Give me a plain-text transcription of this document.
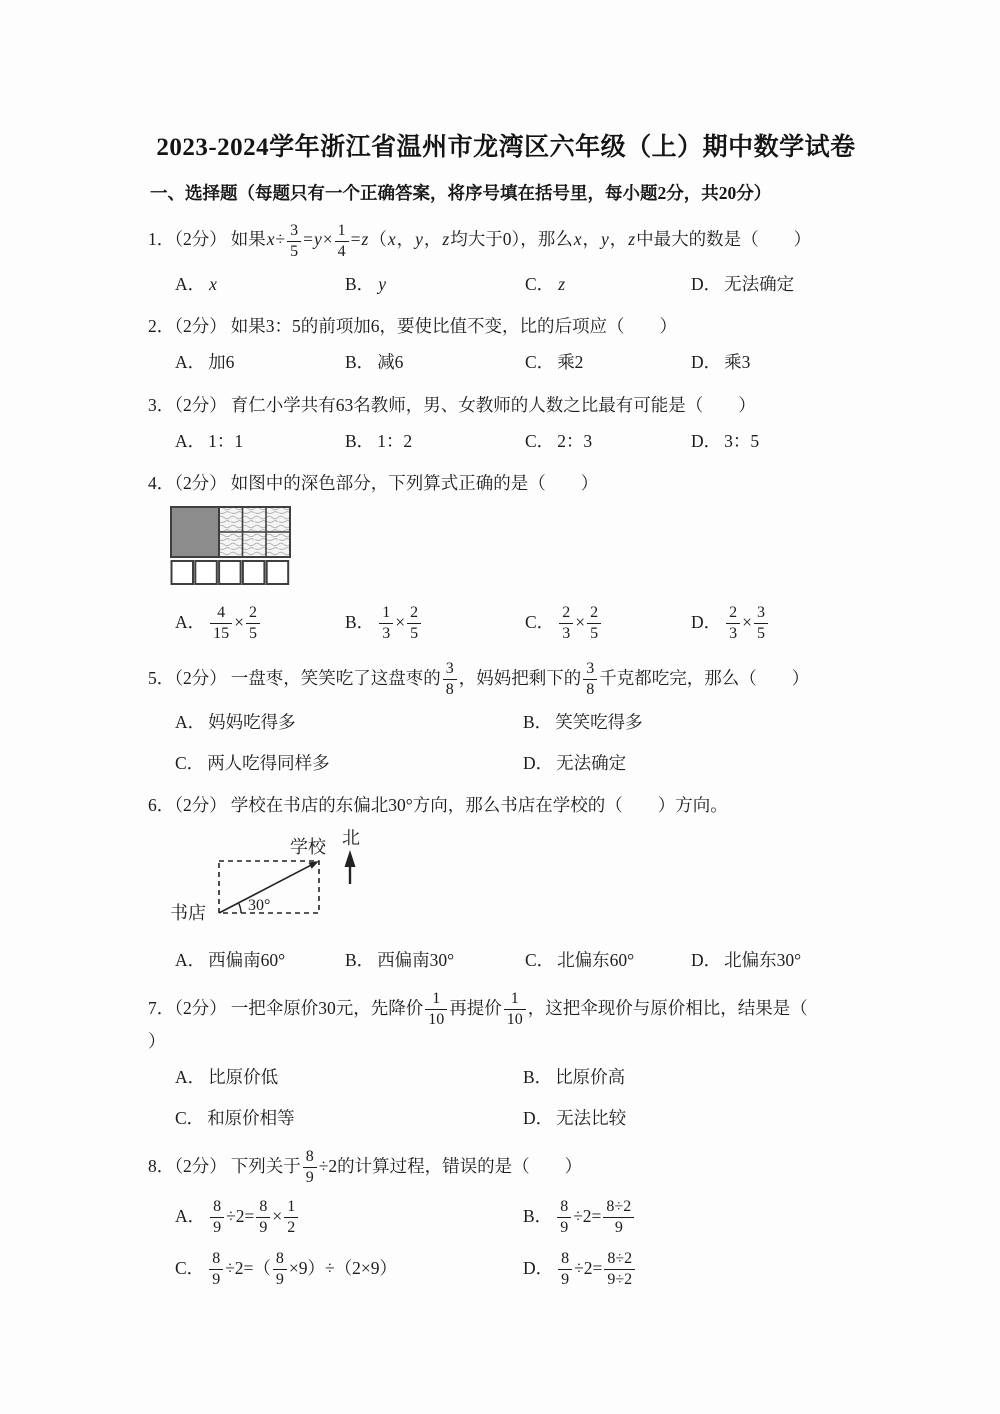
2023-2024学年浙江省温州市龙湾区六年级（上）期中数学试卷
一、选择题（每题只有一个正确答案，将序号填在括号里，每小题2分，共20分）
1．（2分） 如果$x\div \frac{3}{5} =y\times \frac{1}{4} =z(x$，y，z均大于0），那么x，y，z中最大的数是（　　）
A． x	B． y	C． z	D． 无法确定
2．（2分） 如果3：5的前项加6，要使比值不变，比的后项应（　　）
A． 加6	B． 减6	C． 乘2	D． 乘3
3．（2分） 育仁小学共有63名教师，男、女教师的人数之比最有可能是（　　）
A． 1：1	B． 1：2	C． 2：3	D． 3：5
4．（2分） 如图中的深色部分，下列算式正确的是（　　）
A． $\frac{4}{15} \times \frac{2}{5}$	B． $\frac{1}{3} \times \frac{2}{5}$	C． $\frac{2}{3} \times \frac{2}{5}$	D． $\frac{2}{3} \times \frac{3}{5}$
5．（2分） 一盘枣，笑笑吃了这盘枣的 $\frac{3}{8}$ ，妈妈把剩下的 $\frac{3}{8}$ 千克都吃完，那么（　　）
A． 妈妈吃得多	B． 笑笑吃得多
C． 两人吃得同样多	D． 无法确定
6．（2分） 学校在书店的东偏北30°方向，那么书店在学校的（　　）方向。
书店
学校 北
30°
A． 西偏南60°	B． 西偏南30°	C． 北偏东60°	D． 北偏东30°
7．（2分） 一把伞原价30元，先降价 $\frac{1}{10}$ 再提价 $\frac{1}{10}$ ，这把伞现价与原价相比，结果是（
）
A． 比原价低	B． 比原价高
C． 和原价相等	D． 无法比较
8．（2分） 下列关于 $\frac{8}{9} \div 2$的计算过程，错误的是（　　）
A． $\frac{8}{9} \div 2= \frac{8}{9} \times \frac{1}{2}$	B． $\frac{8}{9} \div 2= \frac{8\div 2}{9}$
C． $\frac{8}{9} \div 2=( \frac{8}{9} \times 9)\div(2\times 9)$	D． $\frac{8}{9} \div 2= \frac{8\div 2}{9\div 2}$
